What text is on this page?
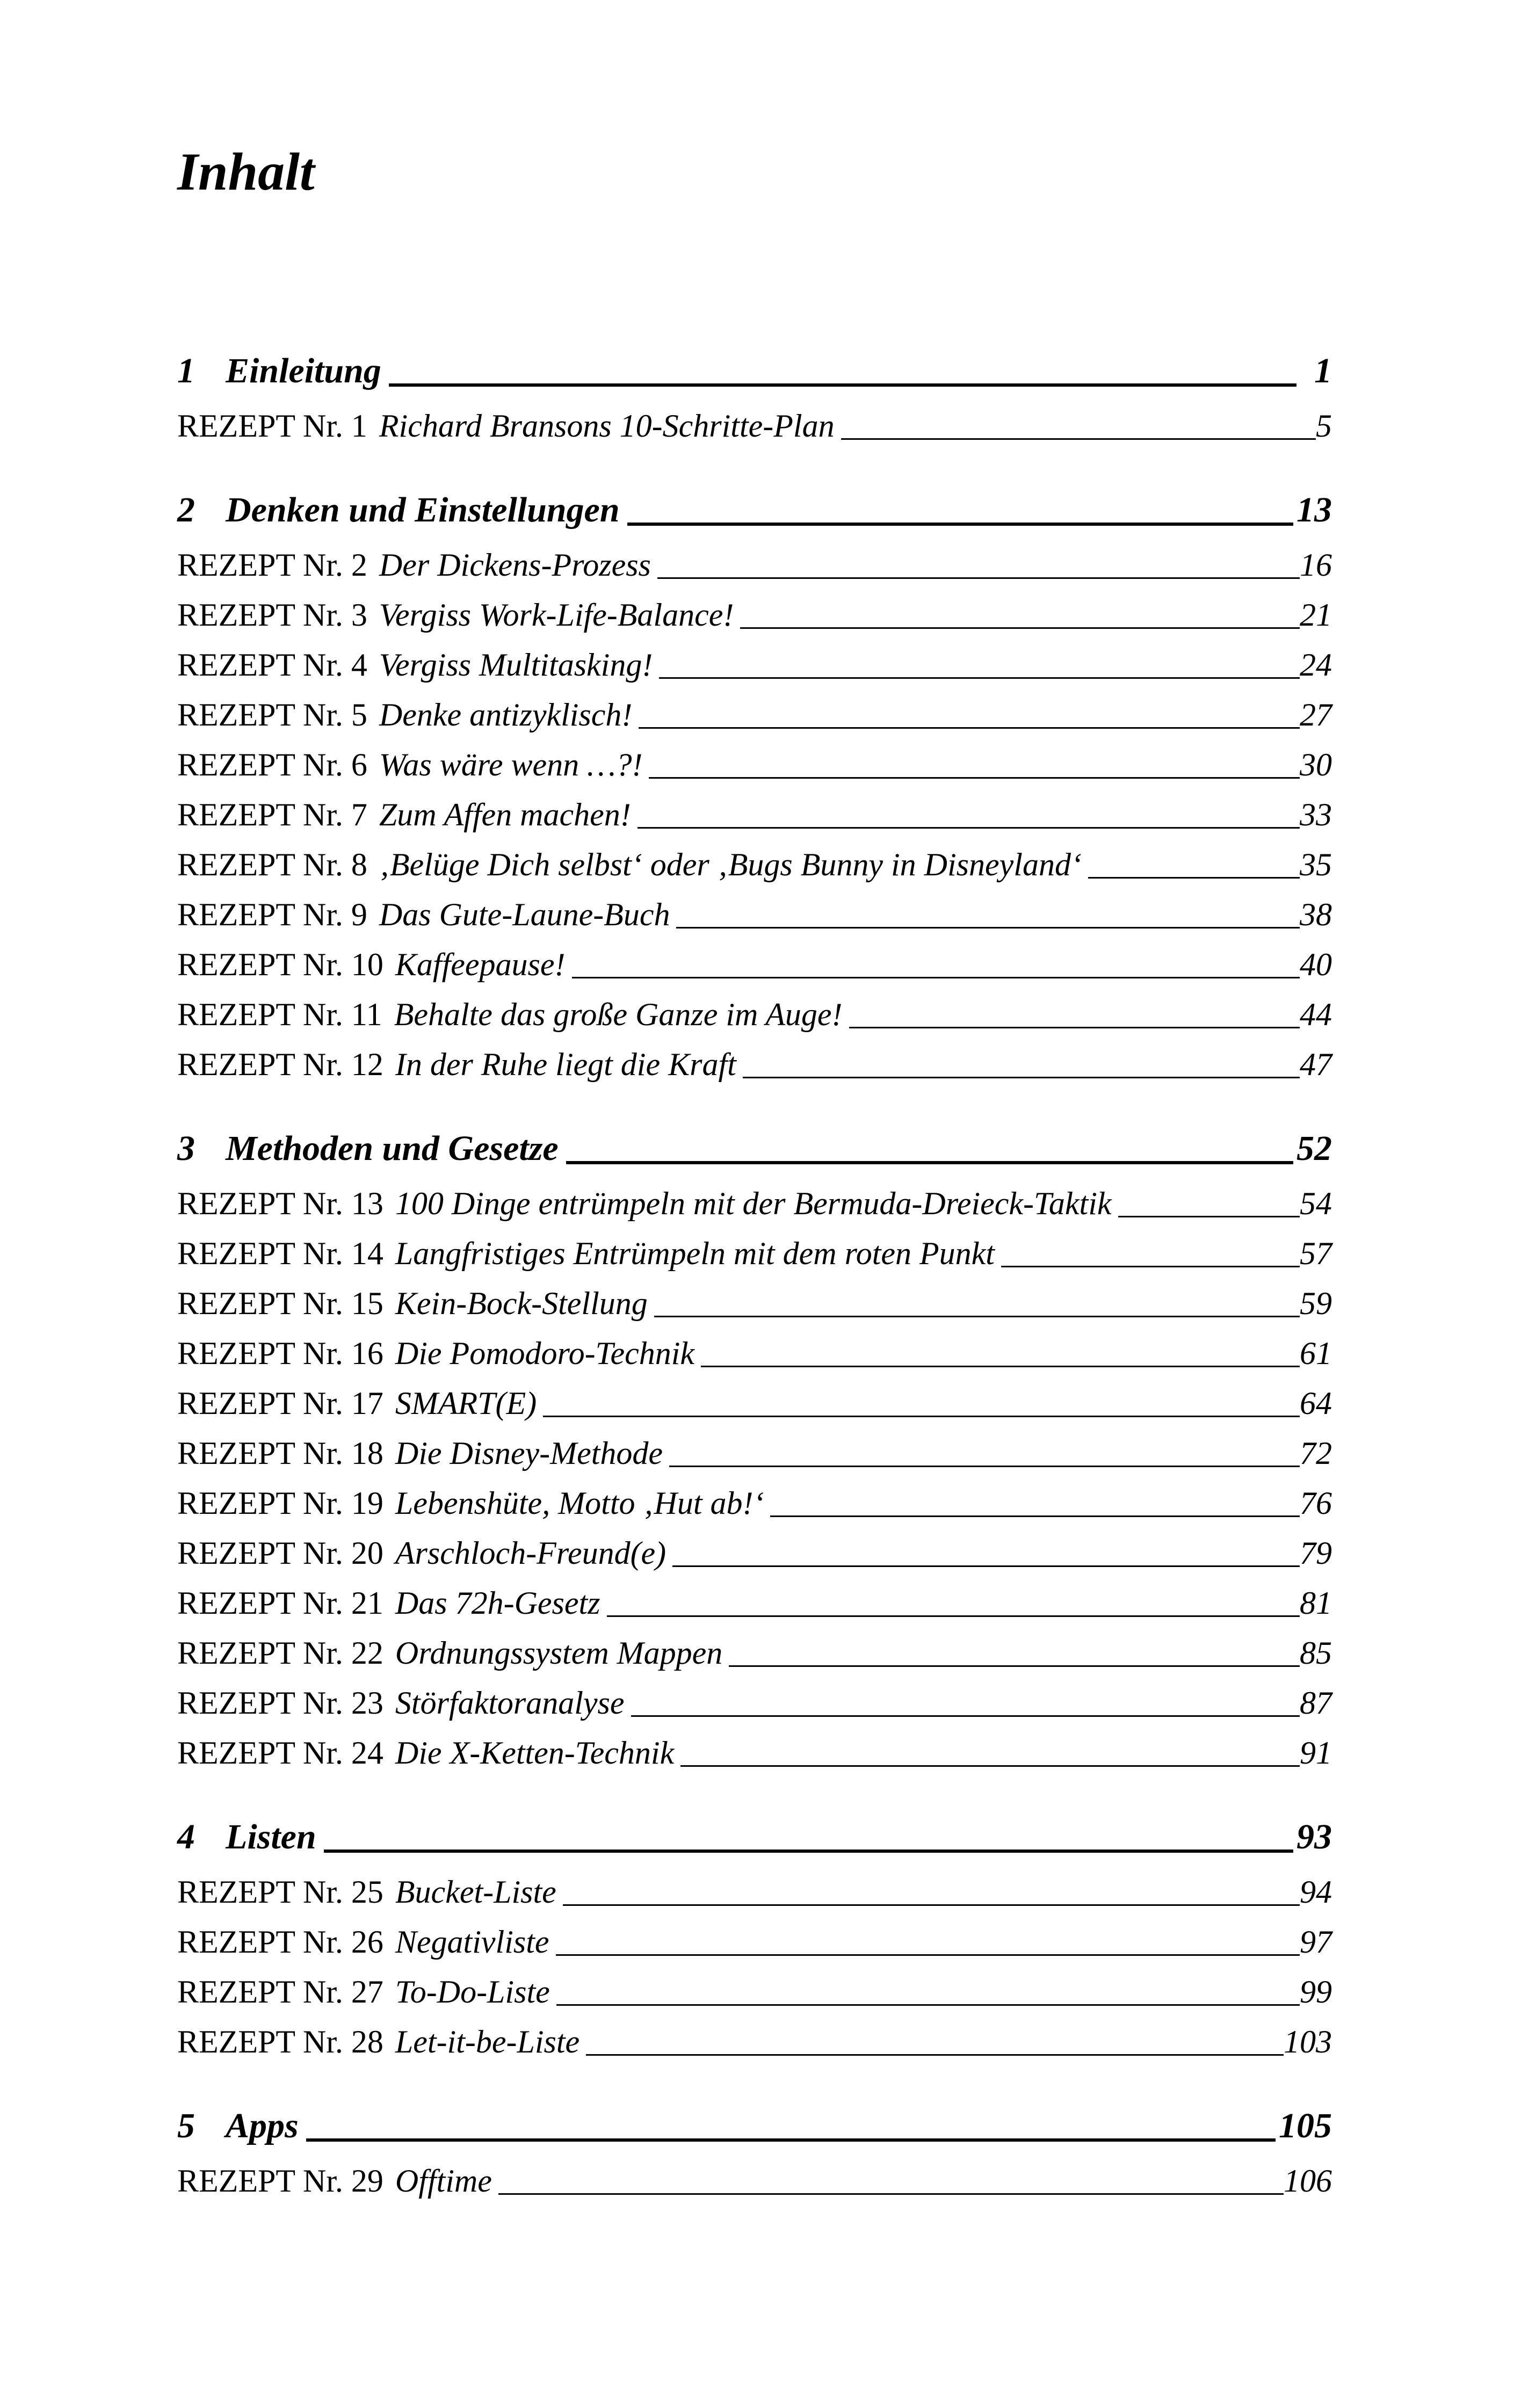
Inhalt
1 Einleitung	1
REZEPT Nr. 1 Richard Bransons 10-Schritte-Plan	5
2 Denken und Einstellungen	13
REZEPT Nr. 2 Der Dickens-Prozess	16
REZEPT Nr. 3 Vergiss Work-Life-Balance!	21
REZEPT Nr. 4 Vergiss Multitasking!	24
REZEPT Nr. 5 Denke antizyklisch!	27
REZEPT Nr. 6 Was wäre wenn …?!	30
REZEPT Nr. 7 Zum Affen machen!	33
REZEPT Nr. 8 ‚Belüge Dich selbst‘ oder ‚Bugs Bunny in Disneyland‘	35
REZEPT Nr. 9 Das Gute-Laune-Buch	38
REZEPT Nr. 10 Kaffeepause!	40
REZEPT Nr. 11 Behalte das große Ganze im Auge!	44
REZEPT Nr. 12 In der Ruhe liegt die Kraft	47
3 Methoden und Gesetze	52
REZEPT Nr. 13 100 Dinge entrümpeln mit der Bermuda-Dreieck-Taktik	54
REZEPT Nr. 14 Langfristiges Entrümpeln mit dem roten Punkt	57
REZEPT Nr. 15 Kein-Bock-Stellung	59
REZEPT Nr. 16 Die Pomodoro-Technik	61
REZEPT Nr. 17 SMART(E)	64
REZEPT Nr. 18 Die Disney-Methode	72
REZEPT Nr. 19 Lebenshüte, Motto ‚Hut ab!‘	76
REZEPT Nr. 20 Arschloch-Freund(e)	79
REZEPT Nr. 21 Das 72h-Gesetz	81
REZEPT Nr. 22 Ordnungssystem Mappen	85
REZEPT Nr. 23 Störfaktoranalyse	87
REZEPT Nr. 24 Die X-Ketten-Technik	91
4 Listen	93
REZEPT Nr. 25 Bucket-Liste	94
REZEPT Nr. 26 Negativliste	97
REZEPT Nr. 27 To-Do-Liste	99
REZEPT Nr. 28 Let-it-be-Liste	103
5 Apps	105
REZEPT Nr. 29 Offtime	106
